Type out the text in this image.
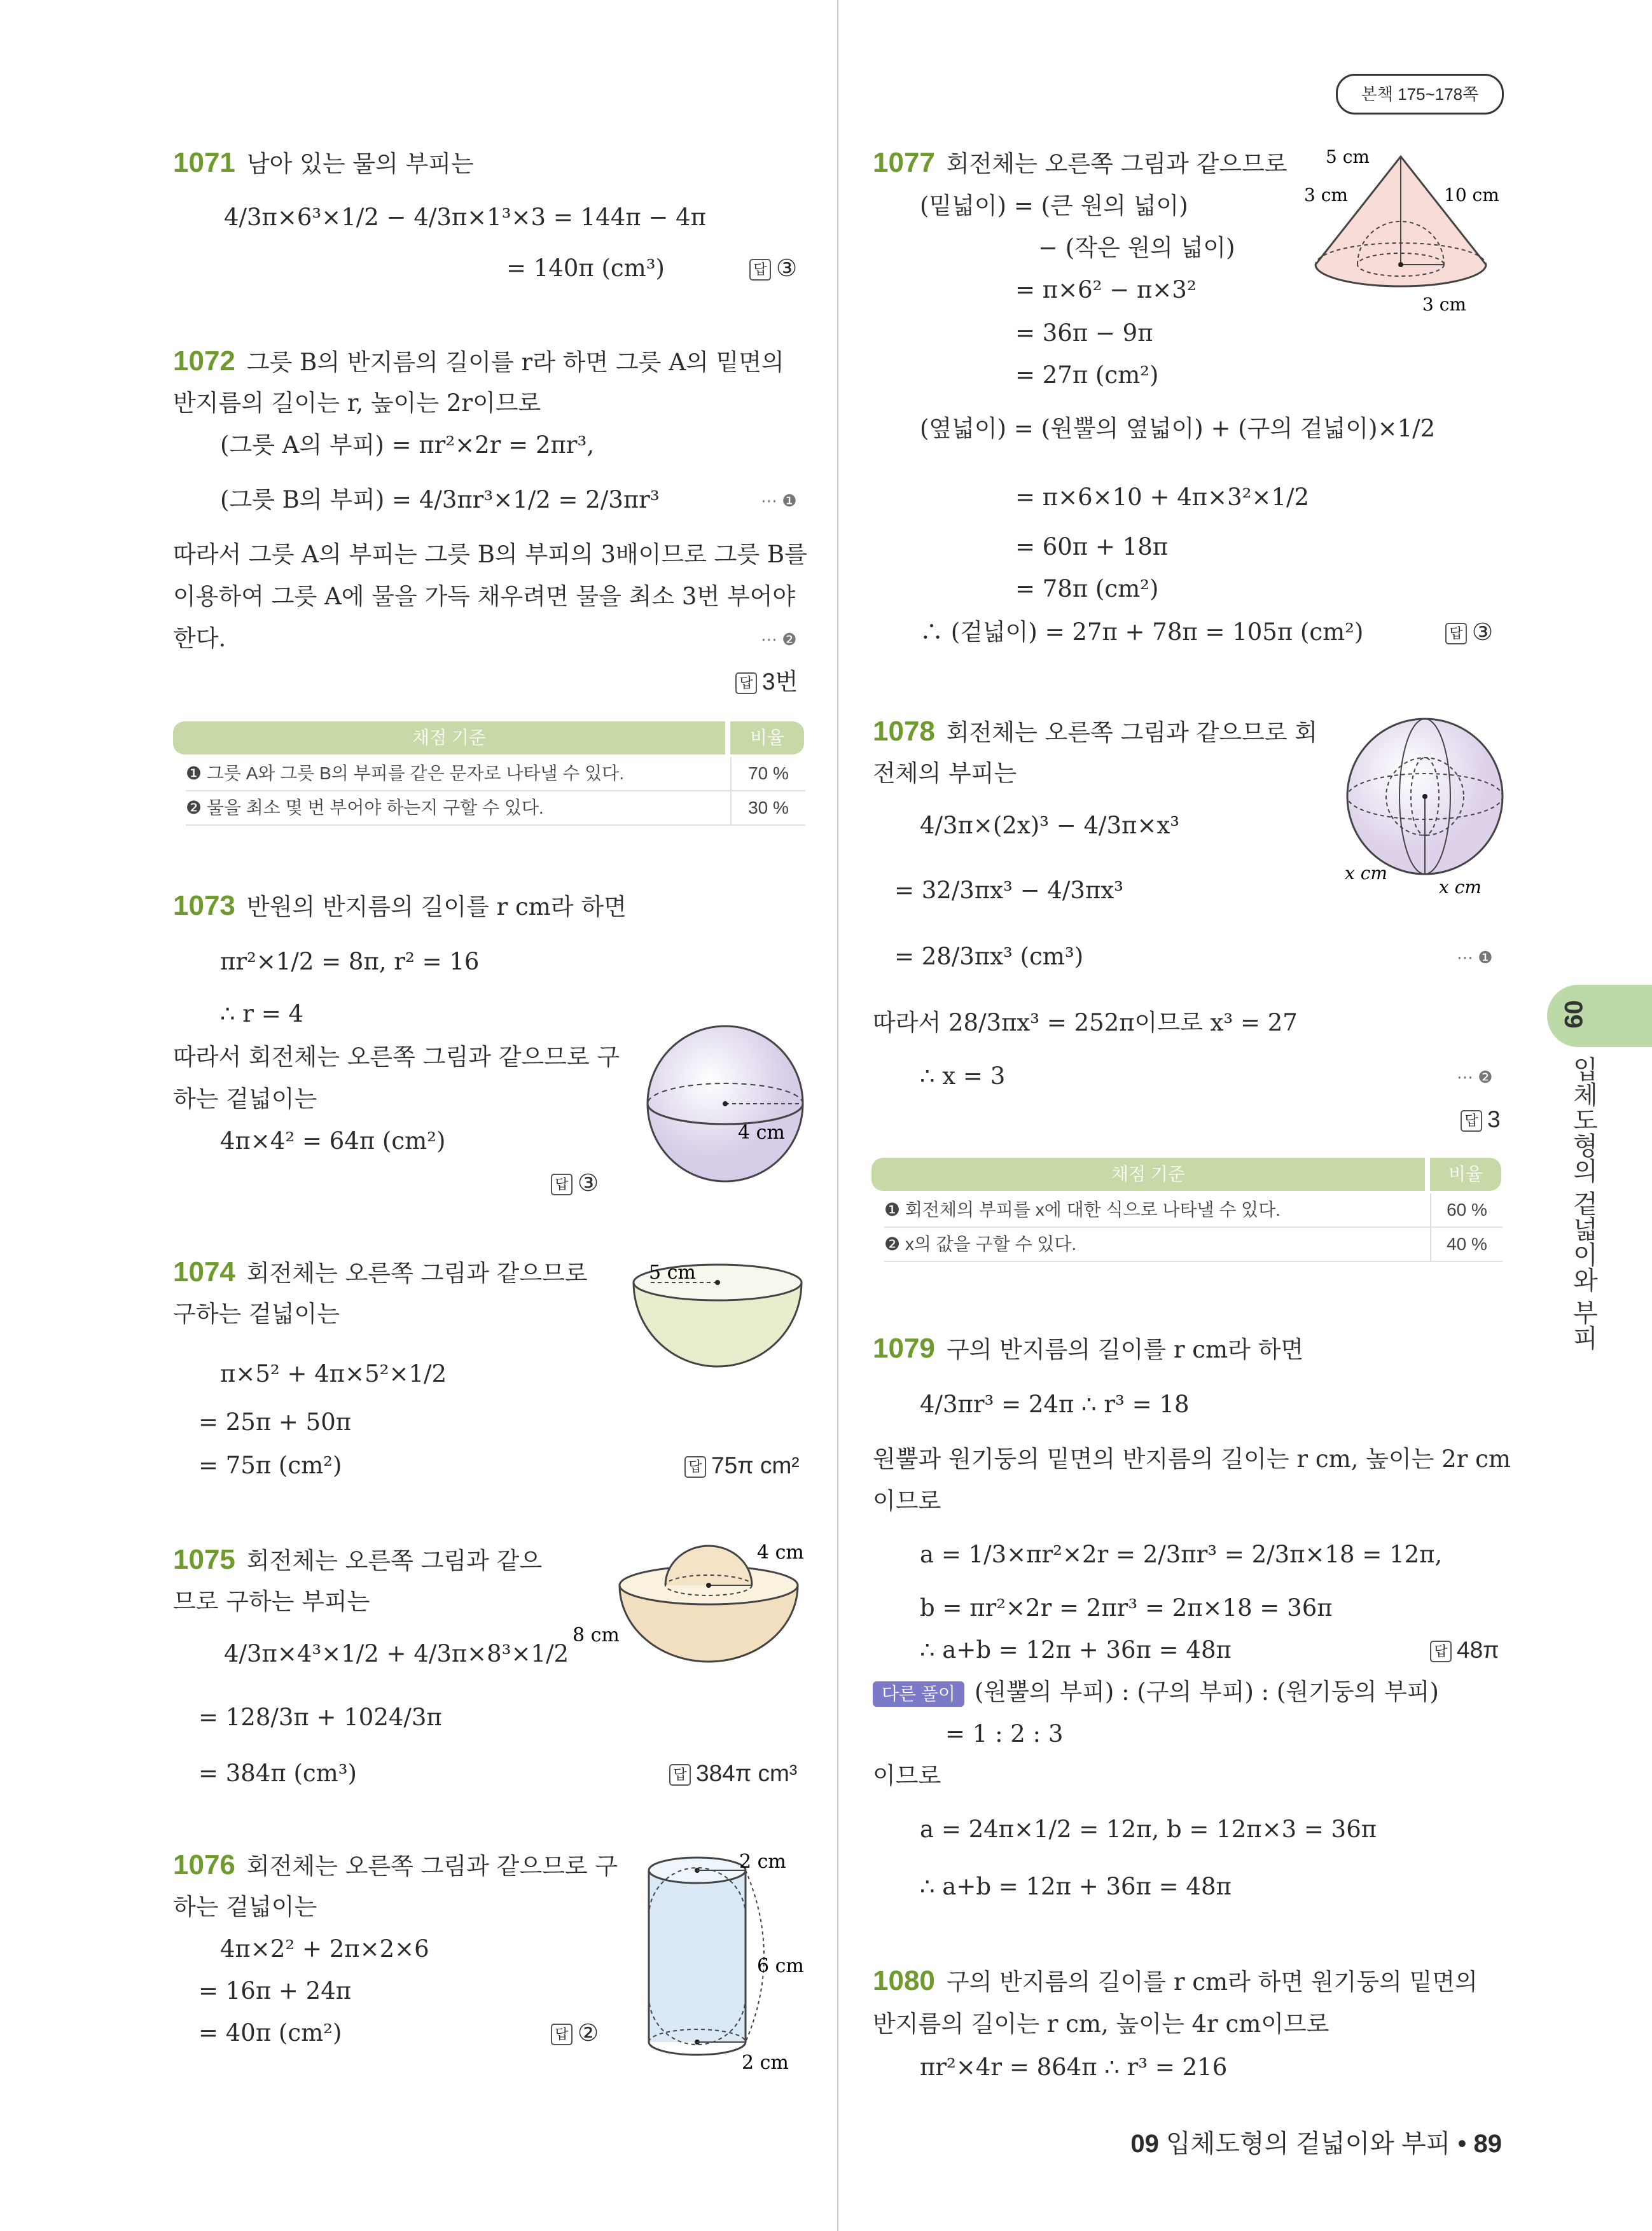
본책 175~178쪽
1071 남아 있는 물의 부피는
4/3π×6³×1/2 − 4/3π×1³×3 = 144π − 4π
= 140π (cm³)	답 ③
1072 그릇 B의 반지름의 길이를 r라 하면 그릇 A의 밑면의
반지름의 길이는 r, 높이는 2r이므로
(그릇 A의 부피) = πr²×2r = 2πr³,
(그릇 B의 부피) = 4/3πr³×1/2 = 2/3πr³	⋯ ❶
따라서 그릇 A의 부피는 그릇 B의 부피의 3배이므로 그릇 B를
이용하여 그릇 A에 물을 가득 채우려면 물을 최소 3번 부어야
한다.	⋯ ❷
답 3번
채점 기준	비율
❶ 그릇 A와 그릇 B의 부피를 같은 문자로 나타낼 수 있다.	70 %
❷ 물을 최소 몇 번 부어야 하는지 구할 수 있다.	30 %
1073 반원의 반지름의 길이를 r cm라 하면
πr²×1/2 = 8π, r² = 16
∴ r = 4
따라서 회전체는 오른쪽 그림과 같으므로 구
하는 겉넓이는
4π×4² = 64π (cm²)
답 ③
4 cm
1074 회전체는 오른쪽 그림과 같으므로
구하는 겉넓이는
π×5² + 4π×5²×1/2
= 25π + 50π
= 75π (cm²)	답 75π cm²
5 cm
1075 회전체는 오른쪽 그림과 같으
므로 구하는 부피는
4/3π×4³×1/2 + 4/3π×8³×1/2
= 128/3π + 1024/3π
= 384π (cm³)	답 384π cm³
4 cm
8 cm
1076 회전체는 오른쪽 그림과 같으므로 구
하는 겉넓이는
4π×2² + 2π×2×6
= 16π + 24π
= 40π (cm²)	답 ②
2 cm
6 cm
2 cm
1077 회전체는 오른쪽 그림과 같으므로
(밑넓이) = (큰 원의 넓이)
− (작은 원의 넓이)
= π×6² − π×3²
= 36π − 9π
= 27π (cm²)
(옆넓이) = (원뿔의 옆넓이) + (구의 겉넓이)×1/2
= π×6×10 + 4π×3²×1/2
= 60π + 18π
= 78π (cm²)
∴ (겉넓이) = 27π + 78π = 105π (cm²)	답 ③
5 cm
3 cm	10 cm
3 cm
1078 회전체는 오른쪽 그림과 같으므로 회
전체의 부피는
4/3π×(2x)³ − 4/3π×x³
= 32/3πx³ − 4/3πx³
= 28/3πx³ (cm³)	⋯ ❶
따라서 28/3πx³ = 252π이므로 x³ = 27
∴ x = 3	⋯ ❷
답 3
x cm
x cm
채점 기준	비율
❶ 회전체의 부피를 x에 대한 식으로 나타낼 수 있다.	60 %
❷ x의 값을 구할 수 있다.	40 %
1079 구의 반지름의 길이를 r cm라 하면
4/3πr³ = 24π ∴ r³ = 18
원뿔과 원기둥의 밑면의 반지름의 길이는 r cm, 높이는 2r cm
이므로
a = 1/3×πr²×2r = 2/3πr³ = 2/3π×18 = 12π,
b = πr²×2r = 2πr³ = 2π×18 = 36π
∴ a+b = 12π + 36π = 48π	답 48π
다른 풀이 (원뿔의 부피) : (구의 부피) : (원기둥의 부피)
= 1 : 2 : 3
이므로
a = 24π×1/2 = 12π, b = 12π×3 = 36π
∴ a+b = 12π + 36π = 48π
1080 구의 반지름의 길이를 r cm라 하면 원기둥의 밑면의
반지름의 길이는 r cm, 높이는 4r cm이므로
πr²×4r = 864π ∴ r³ = 216
09
입체도형의 겉넓이와 부피
09 입체도형의 겉넓이와 부피 • 89
